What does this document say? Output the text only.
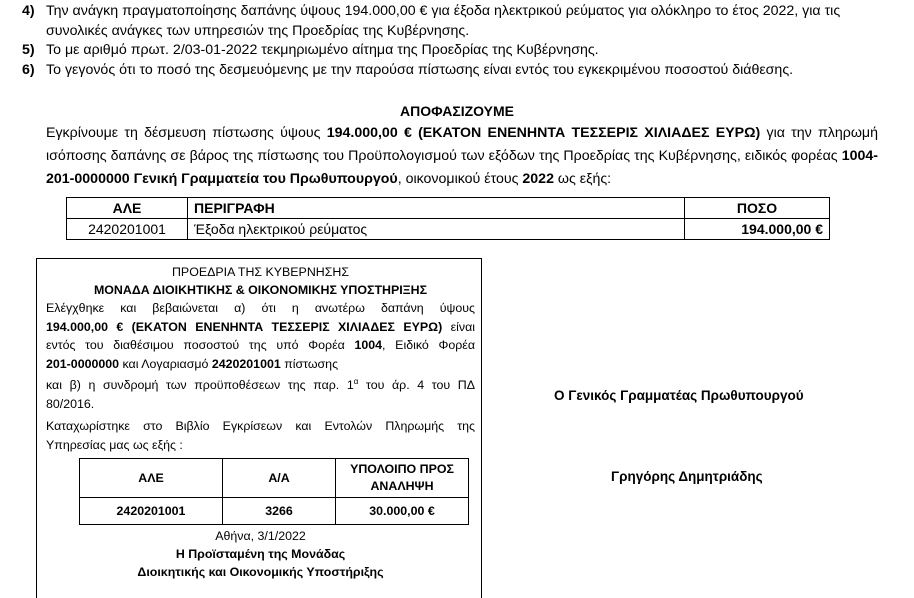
4) Την ανάγκη πραγματοποίησης δαπάνης ύψους 194.000,00 € για έξοδα ηλεκτρικού ρεύματος για ολόκληρο το έτος 2022, για τις συνολικές ανάγκες των υπηρεσιών της Προεδρίας της Κυβέρνησης.
5) Το με αριθμό πρωτ. 2/03-01-2022 τεκμηριωμένο αίτημα της Προεδρίας της Κυβέρνησης.
6) Το γεγονός ότι το ποσό της δεσμευόμενης με την παρούσα πίστωσης είναι εντός του εγκεκριμένου ποσοστού διάθεσης.
ΑΠΟΦΑΣΙΖΟΥΜΕ
Εγκρίνουμε τη δέσμευση πίστωσης ύψους 194.000,00 € (ΕΚΑΤΟΝ ΕΝΕΝΗΝΤΑ ΤΕΣΣΕΡΙΣ ΧΙΛΙΑΔΕΣ ΕΥΡΩ) για την πληρωμή ισόποσης δαπάνης σε βάρος της πίστωσης του Προϋπολογισμού των εξόδων της Προεδρίας της Κυβέρνησης, ειδικός φορέας 1004-201-0000000 Γενική Γραμματεία του Πρωθυπουργού, οικονομικού έτους 2022 ως εξής:
ΑΛΕ	ΠΕΡΙΓΡΑΦΗ	ΠΟΣΟ
2420201001	Έξοδα ηλεκτρικού ρεύματος	194.000,00 €
ΠΡΟΕΔΡΙΑ ΤΗΣ ΚΥΒΕΡΝΗΣΗΣ
ΜΟΝΑΔΑ ΔΙΟΙΚΗΤΙΚΗΣ & ΟΙΚΟΝΟΜΙΚΗΣ ΥΠΟΣΤΗΡΙΞΗΣ
Ελέγχθηκε και βεβαιώνεται α) ότι η ανωτέρω δαπάνη ύψους
194.000,00 € (ΕΚΑΤΟΝ ΕΝΕΝΗΝΤΑ ΤΕΣΣΕΡΙΣ ΧΙΛΙΑΔΕΣ ΕΥΡΩ) είναι
εντός του διαθέσιμου ποσοστού της υπό Φορέα 1004, Ειδικό Φορέα
201-0000000 και Λογαριασμό 2420201001 πίστωσης
και β) η συνδρομή των προϋποθέσεων της παρ. $1^\alpha$ του άρ. 4 του ΠΔ
80/2016.
Καταχωρίστηκε στο Βιβλίο Εγκρίσεων και Εντολών Πληρωμής της
Υπηρεσίας μας ως εξής :
ΑΛΕ	Α/Α	ΥΠΟΛΟΙΠΟ ΠΡΟΣ ΑΝΑΛΗΨΗ
2420201001	3266	30.000,00 €
Αθήνα, 3/1/2022
Η Προϊσταμένη της Μονάδας
Διοικητικής και Οικονομικής Υποστήριξης
Ο Γενικός Γραμματέας Πρωθυπουργού
Γρηγόρης Δημητριάδης
